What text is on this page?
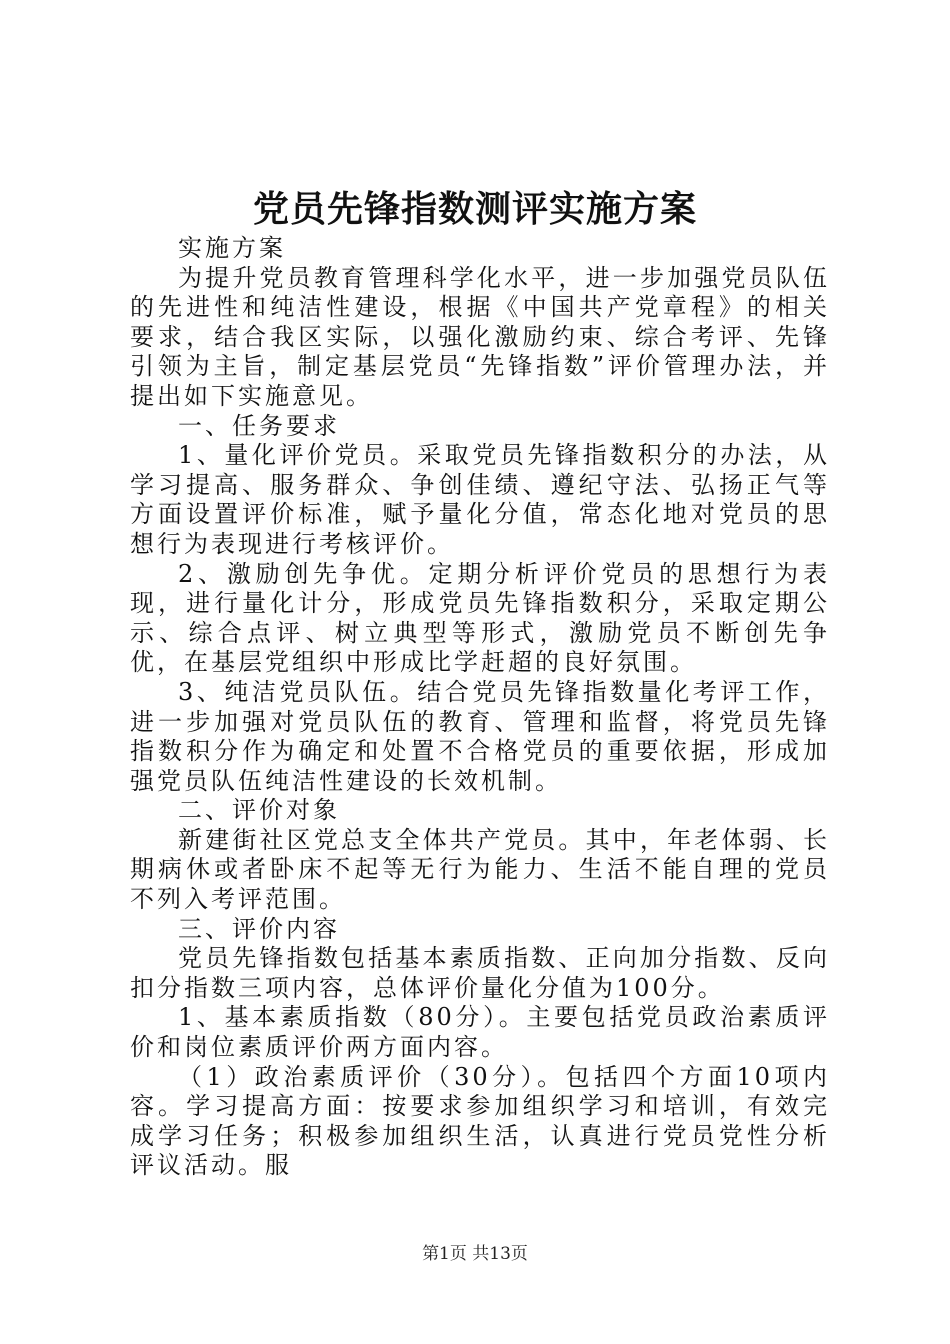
党员先锋指数测评实施方案

实施方案

为提升党员教育管理科学化水平，进一步加强党员队伍的先进性和纯洁性建设，根据《中国共产党章程》的相关要求，结合我区实际，以强化激励约束、综合考评、先锋引领为主旨，制定基层党员“先锋指数”评价管理办法，并提出如下实施意见。

一、任务要求

1、量化评价党员。采取党员先锋指数积分的办法，从学习提高、服务群众、争创佳绩、遵纪守法、弘扬正气等方面设置评价标准，赋予量化分值，常态化地对党员的思想行为表现进行考核评价。

2、激励创先争优。定期分析评价党员的思想行为表现，进行量化计分，形成党员先锋指数积分，采取定期公示、综合点评、树立典型等形式，激励党员不断创先争优，在基层党组织中形成比学赶超的良好氛围。

3、纯洁党员队伍。结合党员先锋指数量化考评工作，进一步加强对党员队伍的教育、管理和监督，将党员先锋指数积分作为确定和处置不合格党员的重要依据，形成加强党员队伍纯洁性建设的长效机制。

二、评价对象

新建街社区党总支全体共产党员。其中，年老体弱、长期病休或者卧床不起等无行为能力、生活不能自理的党员不列入考评范围。

三、评价内容

党员先锋指数包括基本素质指数、正向加分指数、反向扣分指数三项内容，总体评价量化分值为100分。

1、基本素质指数（80分）。主要包括党员政治素质评价和岗位素质评价两方面内容。

（1）政治素质评价（30分）。包括四个方面10项内容。学习提高方面：按要求参加组织学习和培训，有效完成学习任务；积极参加组织生活，认真进行党员党性分析评议活动。服

第1页 共13页
